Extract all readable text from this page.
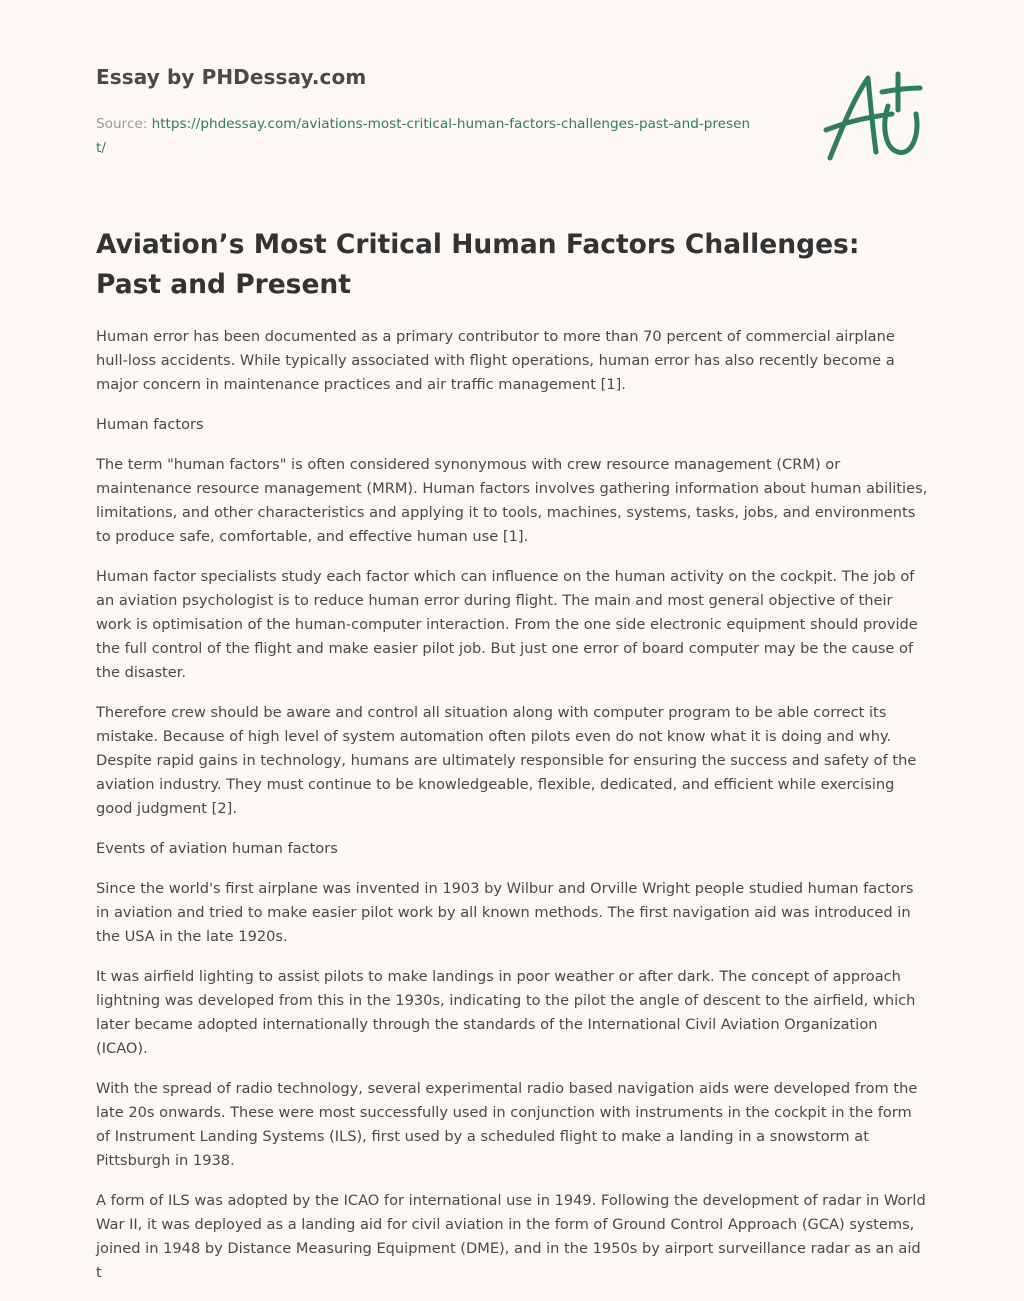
Essay by PHDessay.com
Source: https://phdessay.com/aviations-most-critical-human-factors-challenges-past-and-present/
Aviation’s Most Critical Human Factors Challenges: Past and Present

Human error has been documented as a primary contributor to more than 70 percent of commercial airplane hull-loss accidents. While typically associated with flight operations, human error has also recently become a major concern in maintenance practices and air traffic management [1].

Human factors

The term "human factors" is often considered synonymous with crew resource management (CRM) or maintenance resource management (MRM). Human factors involves gathering information about human abilities, limitations, and other characteristics and applying it to tools, machines, systems, tasks, jobs, and environments to produce safe, comfortable, and effective human use [1].

Human factor specialists study each factor which can influence on the human activity on the cockpit. The job of an aviation psychologist is to reduce human error during flight. The main and most general objective of their work is optimisation of the human-computer interaction. From the one side electronic equipment should provide the full control of the flight and make easier pilot job. But just one error of board computer may be the cause of the disaster.

Therefore crew should be aware and control all situation along with computer program to be able correct its mistake. Because of high level of system automation often pilots even do not know what it is doing and why. Despite rapid gains in technology, humans are ultimately responsible for ensuring the success and safety of the aviation industry. They must continue to be knowledgeable, flexible, dedicated, and efficient while exercising good judgment [2].

Events of aviation human factors

Since the world's first airplane was invented in 1903 by Wilbur and Orville Wright people studied human factors in aviation and tried to make easier pilot work by all known methods. The first navigation aid was introduced in the USA in the late 1920s.

It was airfield lighting to assist pilots to make landings in poor weather or after dark. The concept of approach lightning was developed from this in the 1930s, indicating to the pilot the angle of descent to the airfield, which later became adopted internationally through the standards of the International Civil Aviation Organization (ICAO).

With the spread of radio technology, several experimental radio based navigation aids were developed from the late 20s onwards. These were most successfully used in conjunction with instruments in the cockpit in the form of Instrument Landing Systems (ILS), first used by a scheduled flight to make a landing in a snowstorm at Pittsburgh in 1938.

A form of ILS was adopted by the ICAO for international use in 1949. Following the development of radar in World War II, it was deployed as a landing aid for civil aviation in the form of Ground Control Approach (GCA) systems, joined in 1948 by Distance Measuring Equipment (DME), and in the 1950s by airport surveillance radar as an aid t
